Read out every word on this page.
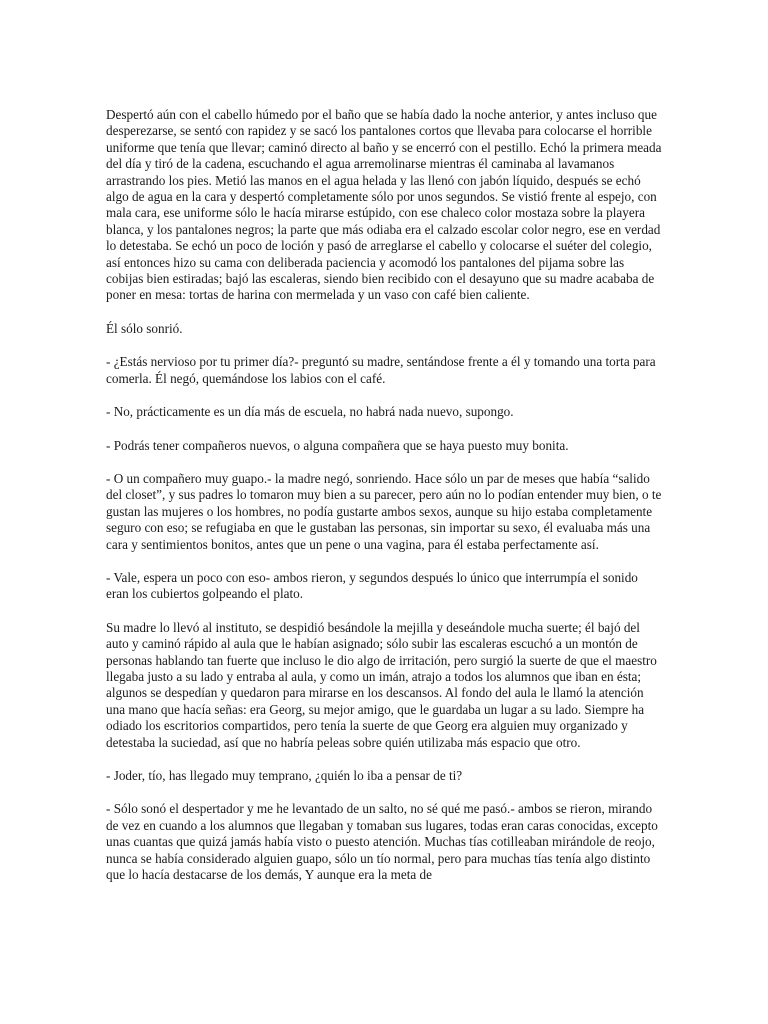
Despertó aún con el cabello húmedo por el baño que se había dado la noche anterior, y antes incluso que desperezarse, se sentó con rapidez y se sacó los pantalones cortos que llevaba para colocarse el horrible uniforme que tenía que llevar; caminó directo al baño y se encerró con el pestillo. Echó la primera meada del día y tiró de la cadena, escuchando el agua arremolinarse mientras él caminaba al lavamanos arrastrando los pies. Metió las manos en el agua helada y las llenó con jabón líquido, después se echó algo de agua en la cara y despertó completamente sólo por unos segundos. Se vistió frente al espejo, con mala cara, ese uniforme sólo le hacía mirarse estúpido, con ese chaleco color mostaza sobre la playera blanca, y los pantalones negros; la parte que más odiaba era el calzado escolar color negro, ese en verdad lo detestaba. Se echó un poco de loción y pasó de arreglarse el cabello y colocarse el suéter del colegio, así entonces hizo su cama con deliberada paciencia y acomodó los pantalones del pijama sobre las cobijas bien estiradas; bajó las escaleras, siendo bien recibido con el desayuno que su madre acababa de poner en mesa: tortas de harina con mermelada y un vaso con café bien caliente.

Él sólo sonrió.

- ¿Estás nervioso por tu primer día?- preguntó su madre, sentándose frente a él y tomando una torta para comerla. Él negó, quemándose los labios con el café.

- No, prácticamente es un día más de escuela, no habrá nada nuevo, supongo.

- Podrás tener compañeros nuevos, o alguna compañera que se haya puesto muy bonita.

- O un compañero muy guapo.- la madre negó, sonriendo. Hace sólo un par de meses que había “salido del closet”, y sus padres lo tomaron muy bien a su parecer, pero aún no lo podían entender muy bien, o te gustan las mujeres o los hombres, no podía gustarte ambos sexos, aunque su hijo estaba completamente seguro con eso; se refugiaba en que le gustaban las personas, sin importar su sexo, él evaluaba más una cara y sentimientos bonitos, antes que un pene o una vagina, para él estaba perfectamente así.

- Vale, espera un poco con eso- ambos rieron, y segundos después lo único que interrumpía el sonido eran los cubiertos golpeando el plato.

Su madre lo llevó al instituto, se despidió besándole la mejilla y deseándole mucha suerte; él bajó del auto y caminó rápido al aula que le habían asignado; sólo subir las escaleras escuchó a un montón de personas hablando tan fuerte que incluso le dio algo de irritación, pero surgió la suerte de que el maestro llegaba justo a su lado y entraba al aula, y como un imán, atrajo a todos los alumnos que iban en ésta; algunos se despedían y quedaron para mirarse en los descansos. Al fondo del aula le llamó la atención una mano que hacía señas: era Georg, su mejor amigo, que le guardaba un lugar a su lado. Siempre ha odiado los escritorios compartidos, pero tenía la suerte de que Georg era alguien muy organizado y detestaba la suciedad, así que no habría peleas sobre quién utilizaba más espacio que otro.

- Joder, tío, has llegado muy temprano, ¿quién lo iba a pensar de ti?

- Sólo sonó el despertador y me he levantado de un salto, no sé qué me pasó.- ambos se rieron, mirando de vez en cuando a los alumnos que llegaban y tomaban sus lugares, todas eran caras conocidas, excepto unas cuantas que quizá jamás había visto o puesto atención. Muchas tías cotilleaban mirándole de reojo, nunca se había considerado alguien guapo, sólo un tío normal, pero para muchas tías tenía algo distinto que lo hacía destacarse de los demás, Y aunque era la meta de
